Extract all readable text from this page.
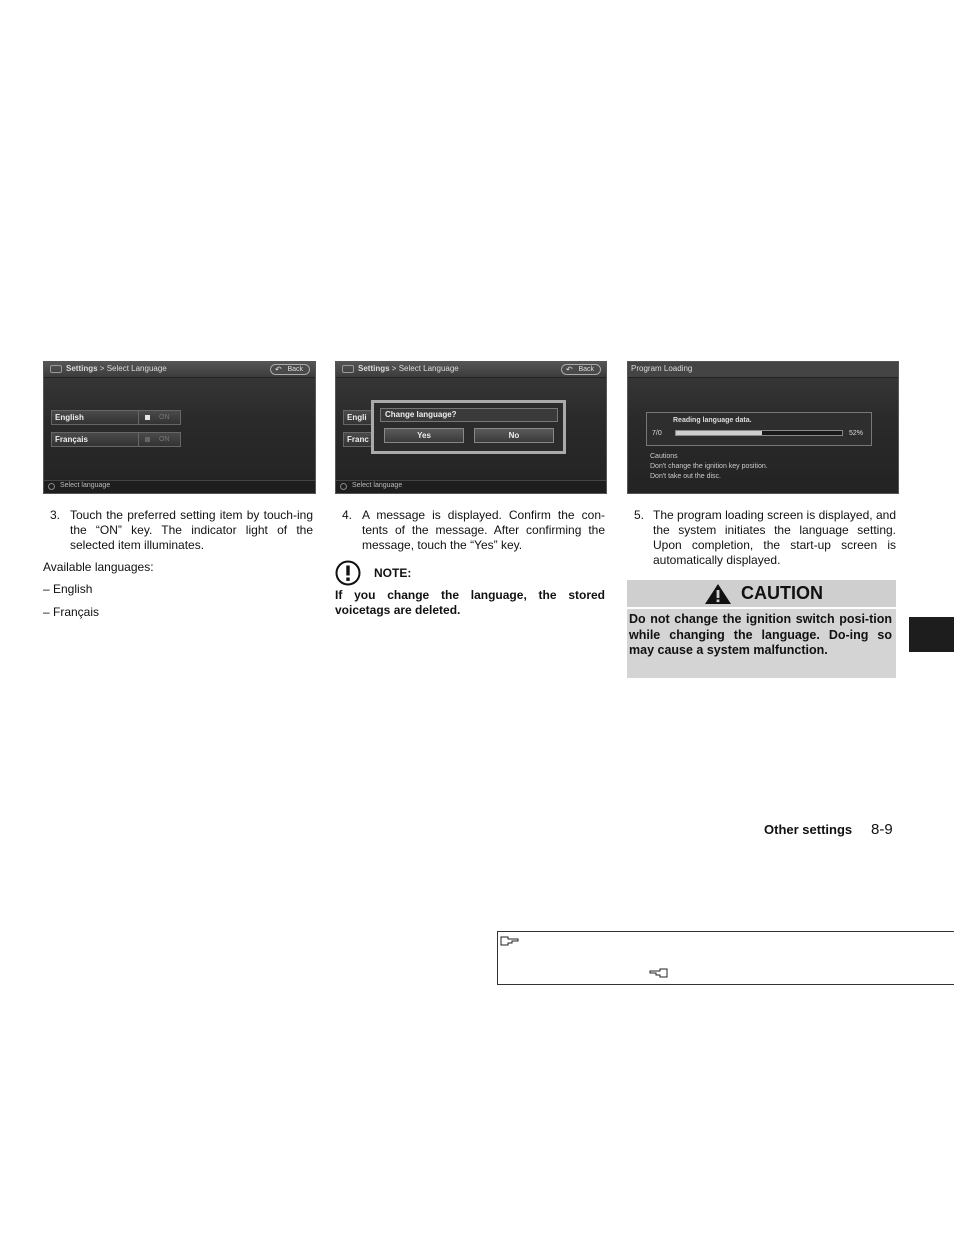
Settings > Select Language	↶ Back
English	ON
Français	ON
Select language
Settings > Select Language	↶ Back
Engli
Franc
Change language?
Yes	No
Select language
Program Loading
Reading language data.
7/0	52%
Cautions
Don't change the ignition key position.
Don't take out the disc.
3. Touch the preferred setting item by touch-ing the “ON” key. The indicator light of the selected item illuminates.
Available languages:
– English
– Français
4. A message is displayed. Confirm the con-tents of the message. After confirming the message, touch the “Yes” key.
NOTE:
If you change the language, the stored voicetags are deleted.
5. The program loading screen is displayed, and the system initiates the language setting. Upon completion, the start-up screen is automatically displayed.
CAUTION
Do not change the ignition switch posi-tion while changing the language. Do-ing so may cause a system malfunction.
Other settings 8-9
